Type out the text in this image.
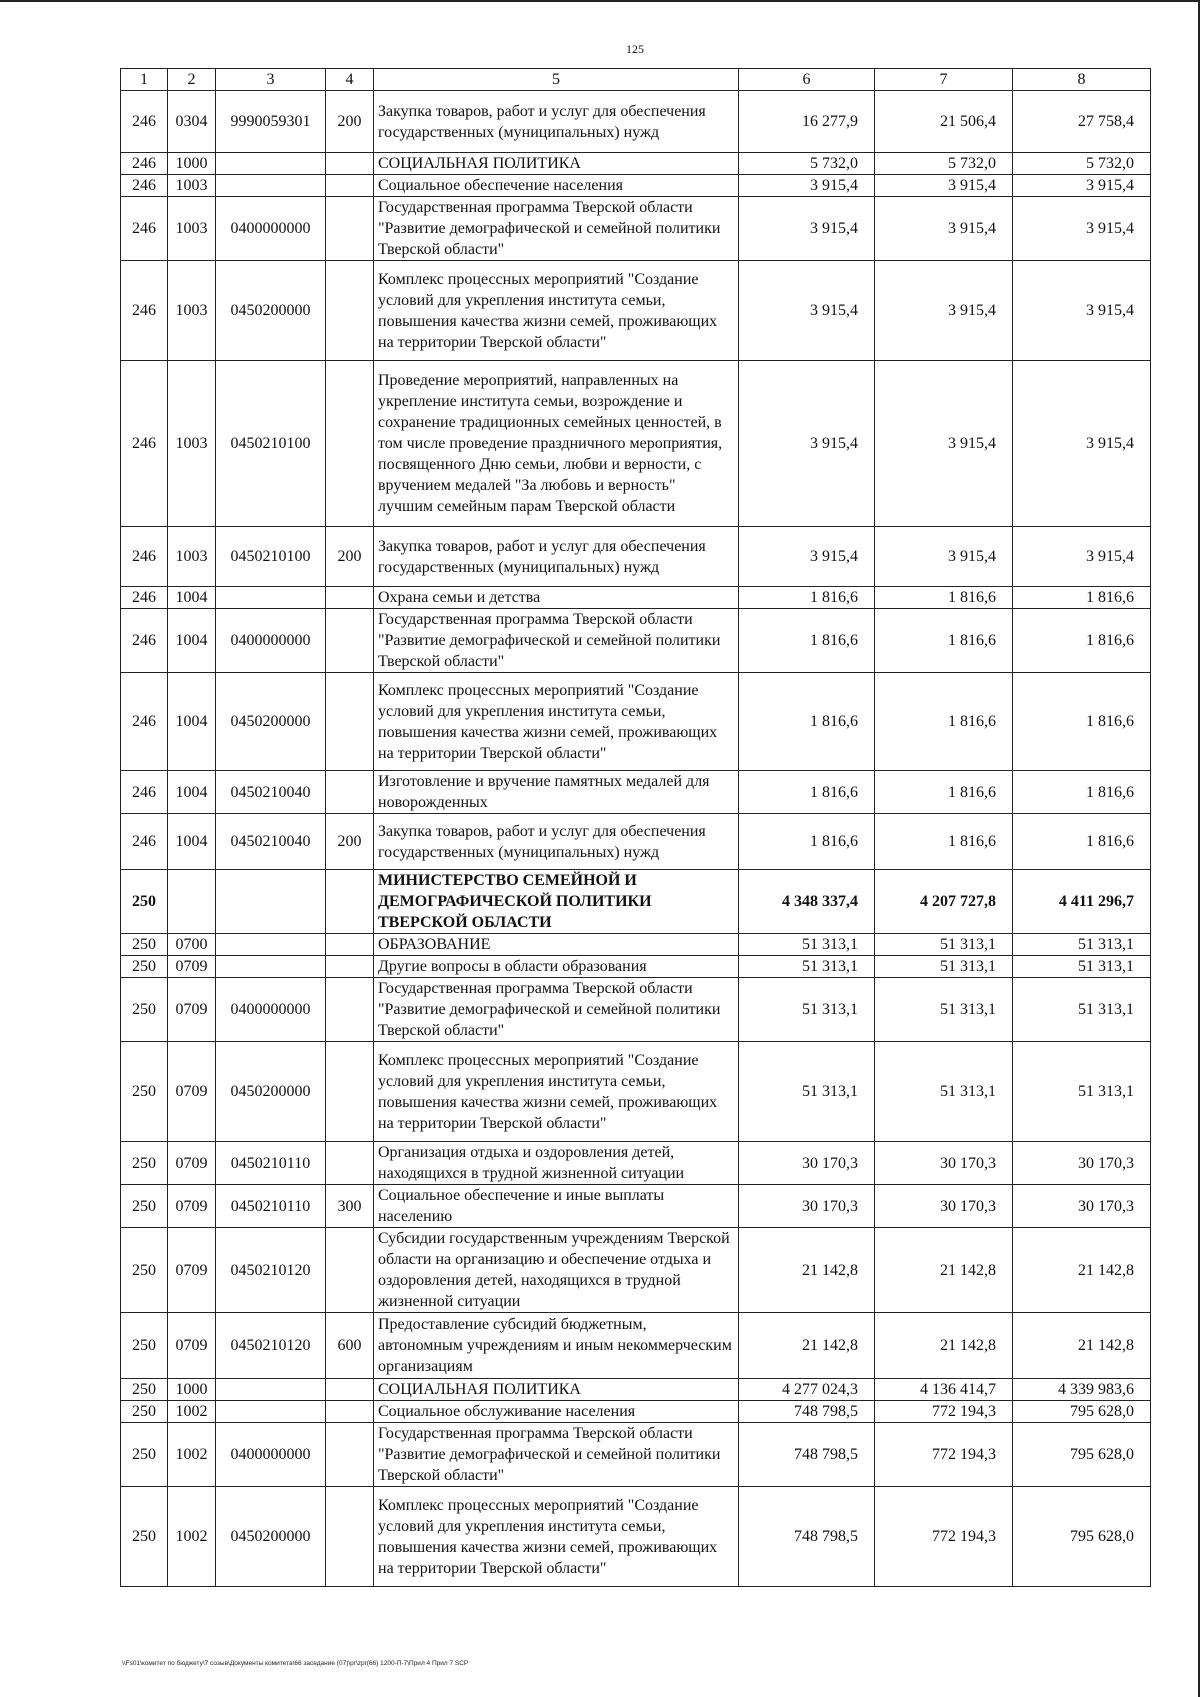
125
1	2	3	4	5	6	7	8
246	0304	9990059301	200	Закупка товаров, работ и услуг для обеспечения государственных (муниципальных) нужд	16 277,9	21 506,4	27 758,4
246	1000			СОЦИАЛЬНАЯ ПОЛИТИКА	5 732,0	5 732,0	5 732,0
246	1003			Социальное обеспечение населения	3 915,4	3 915,4	3 915,4
246	1003	0400000000		Государственная программа Тверской области "Развитие демографической и семейной политики Тверской области"	3 915,4	3 915,4	3 915,4
246	1003	0450200000		Комплекс процессных мероприятий "Создание условий для укрепления института семьи, повышения качества жизни семей, проживающих на территории Тверской области"	3 915,4	3 915,4	3 915,4
246	1003	0450210100		Проведение мероприятий, направленных на укрепление института семьи, возрождение и сохранение традиционных семейных ценностей, в том числе проведение праздничного мероприятия, посвященного Дню семьи, любви и верности, с вручением медалей "За любовь и верность" лучшим семейным парам Тверской области	3 915,4	3 915,4	3 915,4
246	1003	0450210100	200	Закупка товаров, работ и услуг для обеспечения государственных (муниципальных) нужд	3 915,4	3 915,4	3 915,4
246	1004			Охрана семьи и детства	1 816,6	1 816,6	1 816,6
246	1004	0400000000		Государственная программа Тверской области "Развитие демографической и семейной политики Тверской области"	1 816,6	1 816,6	1 816,6
246	1004	0450200000		Комплекс процессных мероприятий "Создание условий для укрепления института семьи, повышения качества жизни семей, проживающих на территории Тверской области"	1 816,6	1 816,6	1 816,6
246	1004	0450210040		Изготовление и вручение памятных медалей для новорожденных	1 816,6	1 816,6	1 816,6
246	1004	0450210040	200	Закупка товаров, работ и услуг для обеспечения государственных (муниципальных) нужд	1 816,6	1 816,6	1 816,6
250				МИНИСТЕРСТВО СЕМЕЙНОЙ И ДЕМОГРАФИЧЕСКОЙ ПОЛИТИКИ ТВЕРСКОЙ ОБЛАСТИ	4 348 337,4	4 207 727,8	4 411 296,7
250	0700			ОБРАЗОВАНИЕ	51 313,1	51 313,1	51 313,1
250	0709			Другие вопросы в области образования	51 313,1	51 313,1	51 313,1
250	0709	0400000000		Государственная программа Тверской области "Развитие демографической и семейной политики Тверской области"	51 313,1	51 313,1	51 313,1
250	0709	0450200000		Комплекс процессных мероприятий "Создание условий для укрепления института семьи, повышения качества жизни семей, проживающих на территории Тверской области"	51 313,1	51 313,1	51 313,1
250	0709	0450210110		Организация отдыха и оздоровления детей, находящихся в трудной жизненной ситуации	30 170,3	30 170,3	30 170,3
250	0709	0450210110	300	Социальное обеспечение и иные выплаты населению	30 170,3	30 170,3	30 170,3
250	0709	0450210120		Субсидии государственным учреждениям Тверской области на организацию и обеспечение отдыха и оздоровления детей, находящихся в трудной жизненной ситуации	21 142,8	21 142,8	21 142,8
250	0709	0450210120	600	Предоставление субсидий бюджетным, автономным учреждениям и иным некоммерческим организациям	21 142,8	21 142,8	21 142,8
250	1000			СОЦИАЛЬНАЯ ПОЛИТИКА	4 277 024,3	4 136 414,7	4 339 983,6
250	1002			Социальное обслуживание населения	748 798,5	772 194,3	795 628,0
250	1002	0400000000		Государственная программа Тверской области "Развитие демографической и семейной политики Тверской области"	748 798,5	772 194,3	795 628,0
250	1002	0450200000		Комплекс процессных мероприятий "Создание условий для укрепления института семьи, повышения качества жизни семей, проживающих на территории Тверской области"	748 798,5	772 194,3	795 628,0
\\Fs01\комитет по бюджету\7 созыв\Документы комитета\66 заседание (07)\pr\zpr(66) 1200-П-7\Прил 4 Прил 7 SCP
